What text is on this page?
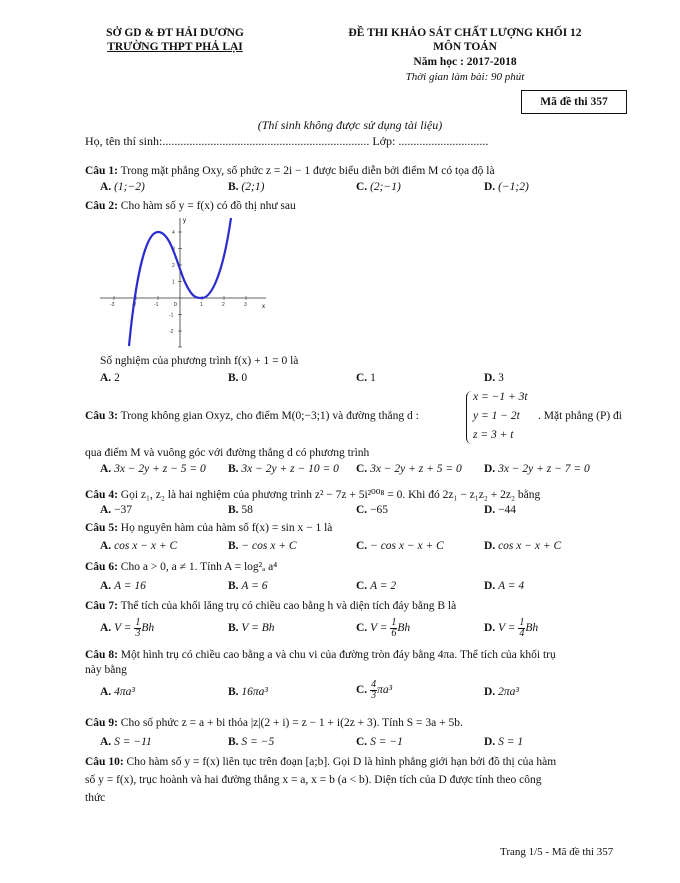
SỞ GD & ĐT HẢI DƯƠNG
TRƯỜNG THPT PHẢ LẠI
ĐỀ THI KHẢO SÁT CHẤT LƯỢNG KHỐI 12
MÔN TOÁN
Năm học : 2017-2018
Thời gian làm bài: 90 phút
Mã đề thi 357
(Thí sinh không được sử dụng tài liệu)
Họ, tên thí sinh:..................................................................... Lớp: ..............................
Câu 1: Trong mặt phẳng Oxy, số phức z = 2i − 1 được biểu diễn bởi điểm M có tọa độ là
A. (1;−2)	B. (2;1)	C. (2;−1)	D. (−1;2)
Câu 2: Cho hàm số y = f(x) có đồ thị như sau
x
y
0
-3	-2	-1	1	2	3
4
3
2
1
-1
-2
Số nghiệm của phương trình f(x) + 1 = 0 là
A. 2	B. 0	C. 1	D. 3
Câu 3: Trong không gian Oxyz, cho điểm M(0;−3;1) và đường thẳng d :
x = −1 + 3t
y = 1 − 2t
z = 3 + t
. Mặt phẳng (P) đi
qua điểm M và vuông góc với đường thẳng d có phương trình
A. 3x − 2y + z − 5 = 0 B. 3x − 2y + z − 10 = 0 C. 3x − 2y + z + 5 = 0 D. 3x − 2y + z − 7 = 0
Câu 4: Gọi z₁, z₂ là hai nghiệm của phương trình z² − 7z + 5i²⁰⁰⁸ = 0. Khi đó 2z₁ − z₁z₂ + 2z₂ bằng
A. −37	B. 58	C. −65	D. −44
Câu 5: Họ nguyên hàm của hàm số f(x) = sin x − 1 là
A. cos x − x + C	B. − cos x + C	C. − cos x − x + C	D. cos x − x + C
Câu 6: Cho a > 0, a ≠ 1. Tính A = log²ₐ a⁴
A. A = 16	B. A = 6	C. A = 2	D. A = 4
Câu 7: Thể tích của khối lăng trụ có chiều cao bằng h và diện tích đáy bằng B là
A. $V = \frac{1}{3}$ Bh	B. V = Bh	C. $V = \frac{1}{6}$ Bh	D. $V = \frac{1}{4}$ Bh
Câu 8: Một hình trụ có chiều cao bằng a và chu vi của đường tròn đáy bằng 4πa. Thể tích của khối trụ
này bằng
A. 4πa³	B. 16πa³	C. $\frac{4}{3} \pi a^3$	D. 2πa³
Câu 9: Cho số phức z = a + bi thỏa |z|(2 + i) = z − 1 + i(2z + 3). Tính S = 3a + 5b.
A. S = −11	B. S = −5	C. S = −1	D. S = 1
Câu 10: Cho hàm số y = f(x) liên tục trên đoạn [a;b]. Gọi D là hình phẳng giới hạn bởi đồ thị của hàm
số y = f(x), trục hoành và hai đường thẳng x = a, x = b (a < b). Diện tích của D được tính theo công
thức
Trang 1/5 - Mã đề thi 357
